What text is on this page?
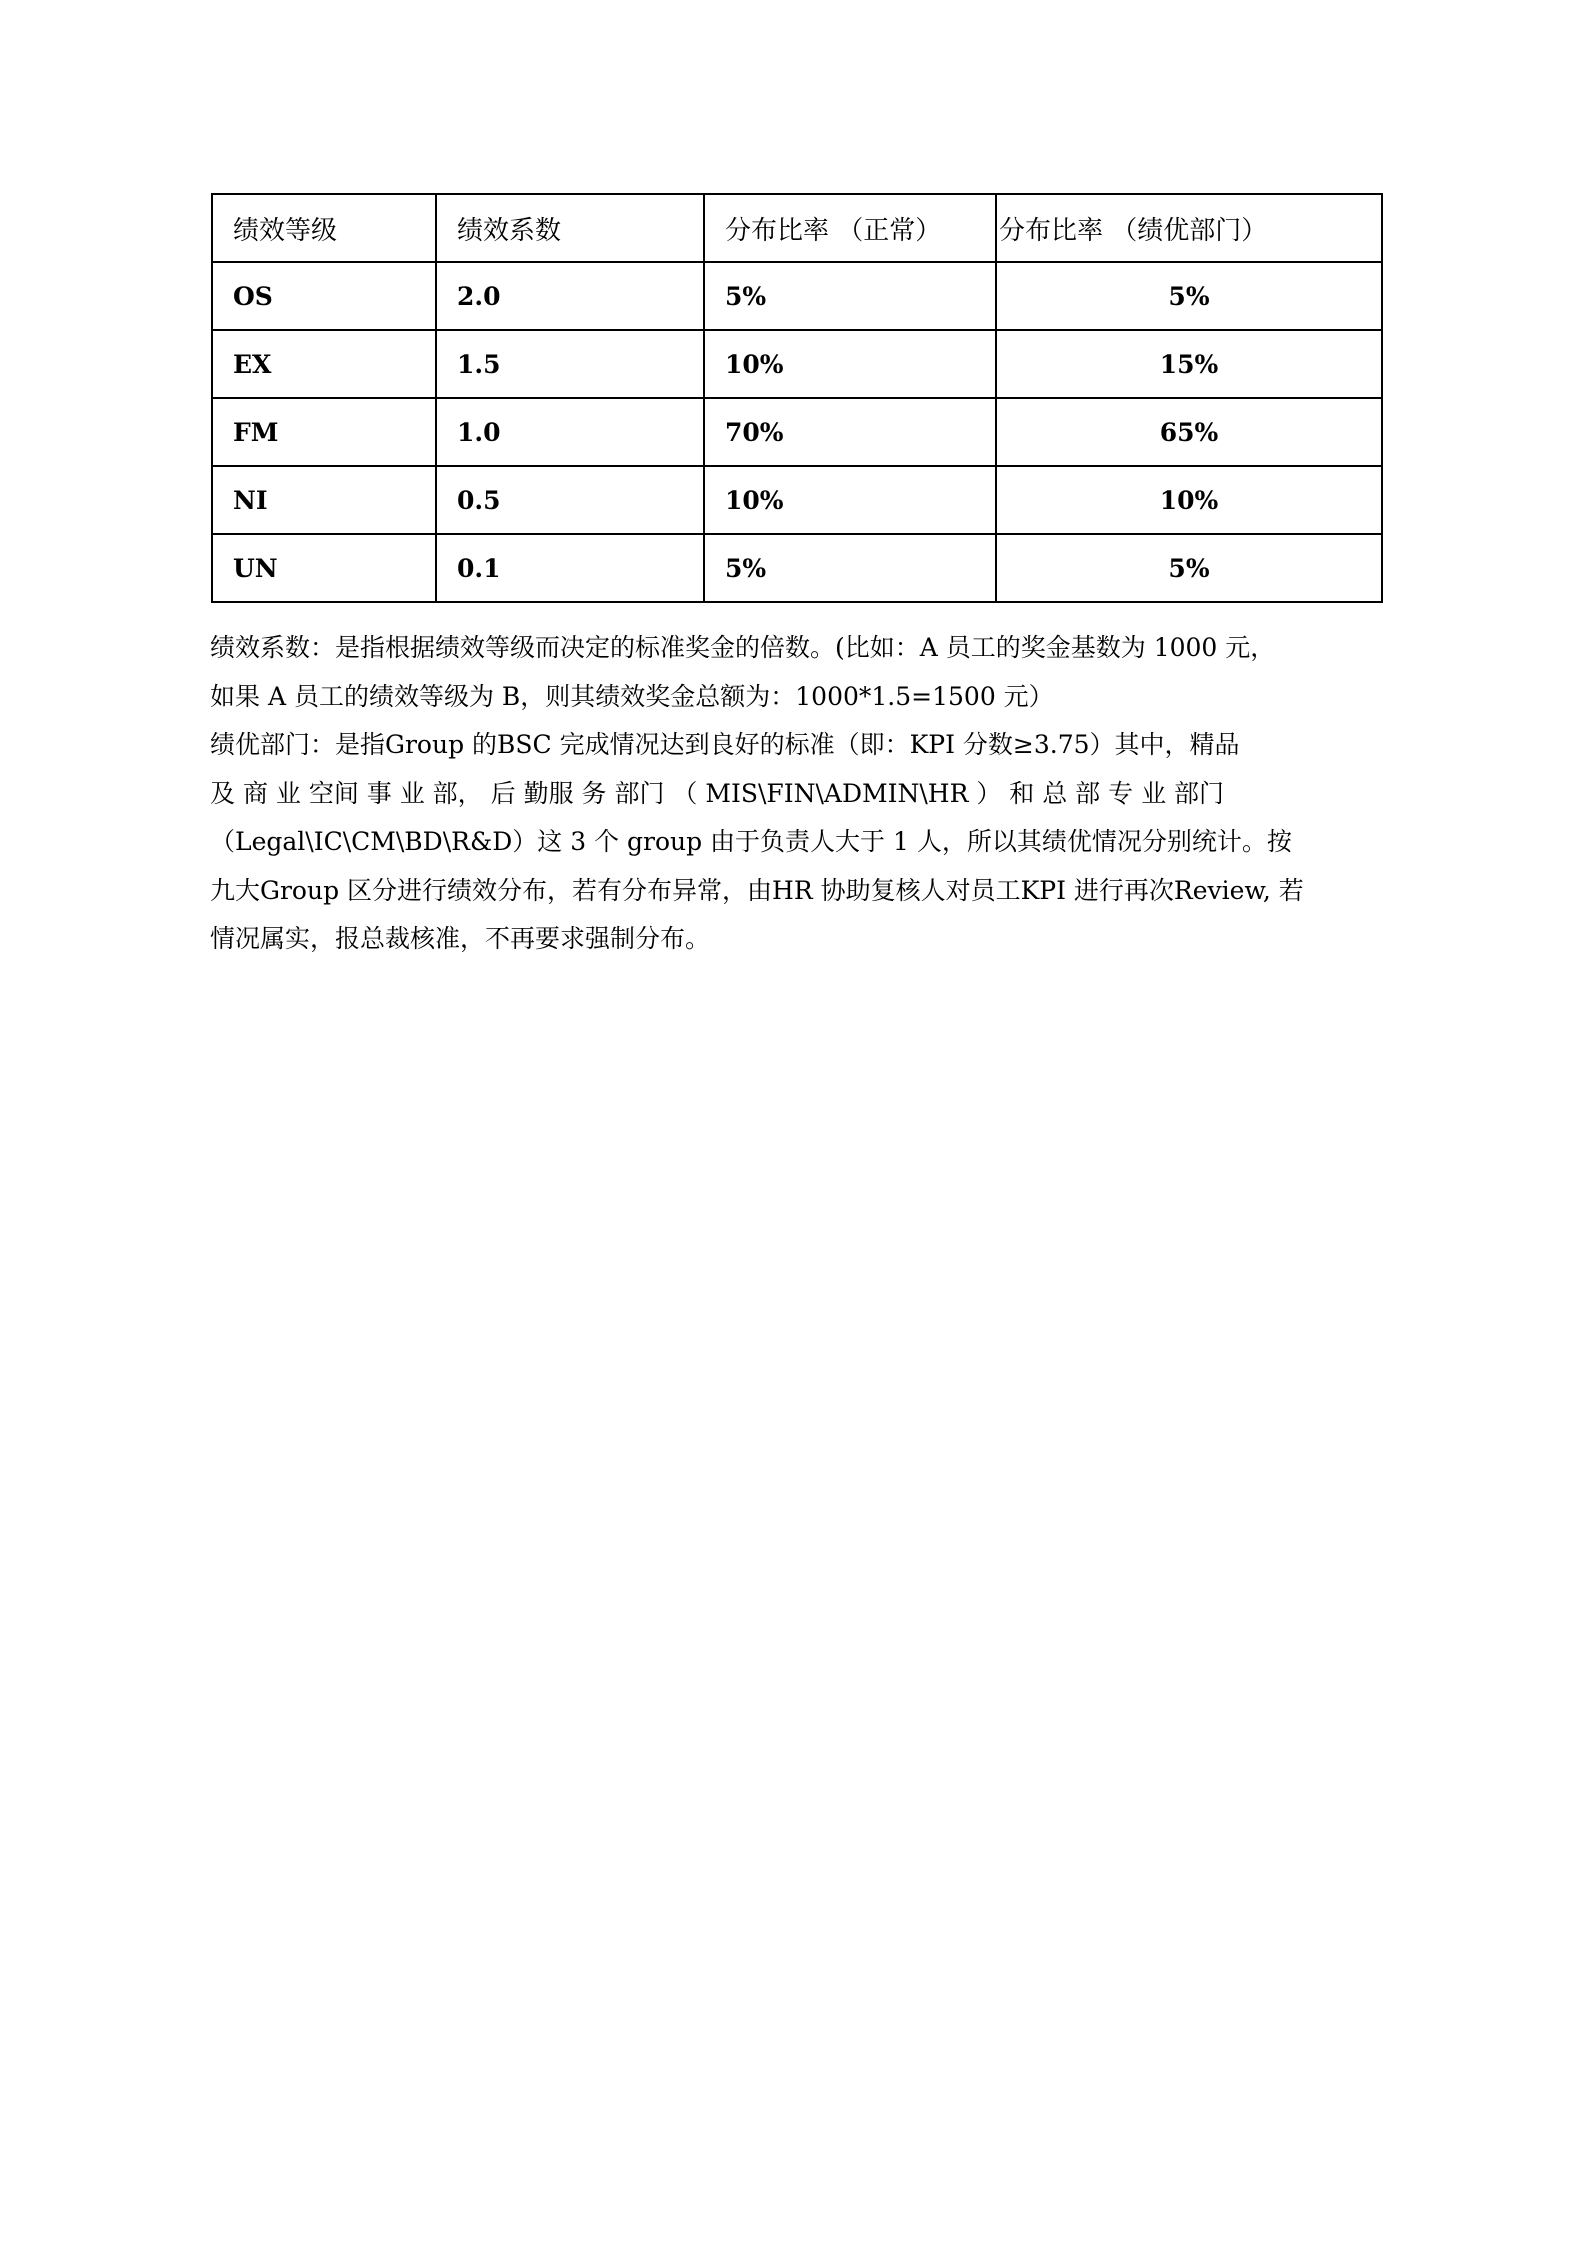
绩效等级	绩效系数	分布比率 （正常）	分布比率 （绩优部门）
OS	2.0	5%	5%
EX	1.5	10%	15%
FM	1.0	70%	65%
NI	0.5	10%	10%
UN	0.1	5%	5%

绩效系数：是指根据绩效等级而决定的标准奖金的倍数。(比如：A 员工的奖金基数为 1000 元，

如果 A 员工的绩效等级为 B，则其绩效奖金总额为：1000*1.5=1500 元）

绩优部门：是指Group 的BSC 完成情况达到良好的标准（即：KPI 分数≥3.75）其中，精品

及 商 业 空间 事 业 部， 后 勤服 务 部门 （ MIS\FIN\ADMIN\HR ） 和 总 部 专 业 部门

（Legal\IC\CM\BD\R&D）这 3 个 group 由于负责人大于 1 人，所以其绩优情况分别统计。按

九大Group 区分进行绩效分布，若有分布异常，由HR 协助复核人对员工KPI 进行再次Review, 若

情况属实，报总裁核准，不再要求强制分布。
